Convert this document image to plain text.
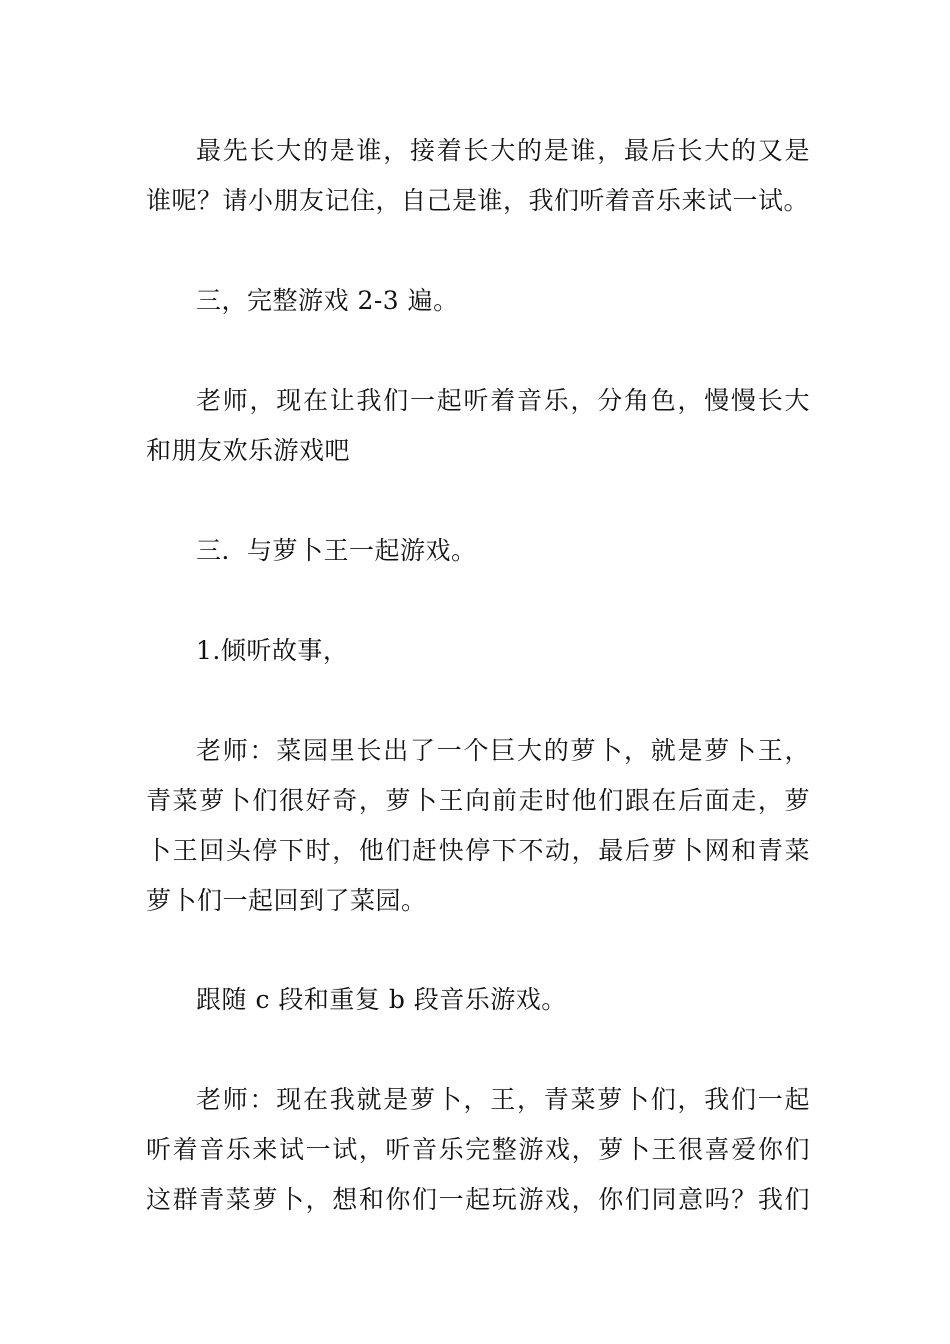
最先长大的是谁，接着长大的是谁，最后长大的又是
谁呢？请小朋友记住，自己是谁，我们听着音乐来试一试。

三，完整游戏 2-3 遍。

老师，现在让我们一起听着音乐，分角色，慢慢长大
和朋友欢乐游戏吧

三．与萝卜王一起游戏。

1.倾听故事，

老师：菜园里长出了一个巨大的萝卜，就是萝卜王，
青菜萝卜们很好奇，萝卜王向前走时他们跟在后面走，萝
卜王回头停下时，他们赶快停下不动，最后萝卜网和青菜
萝卜们一起回到了菜园。

跟随 c 段和重复 b 段音乐游戏。

老师：现在我就是萝卜，王，青菜萝卜们，我们一起
听着音乐来试一试，听音乐完整游戏，萝卜王很喜爱你们
这群青菜萝卜，想和你们一起玩游戏，你们同意吗？我们
